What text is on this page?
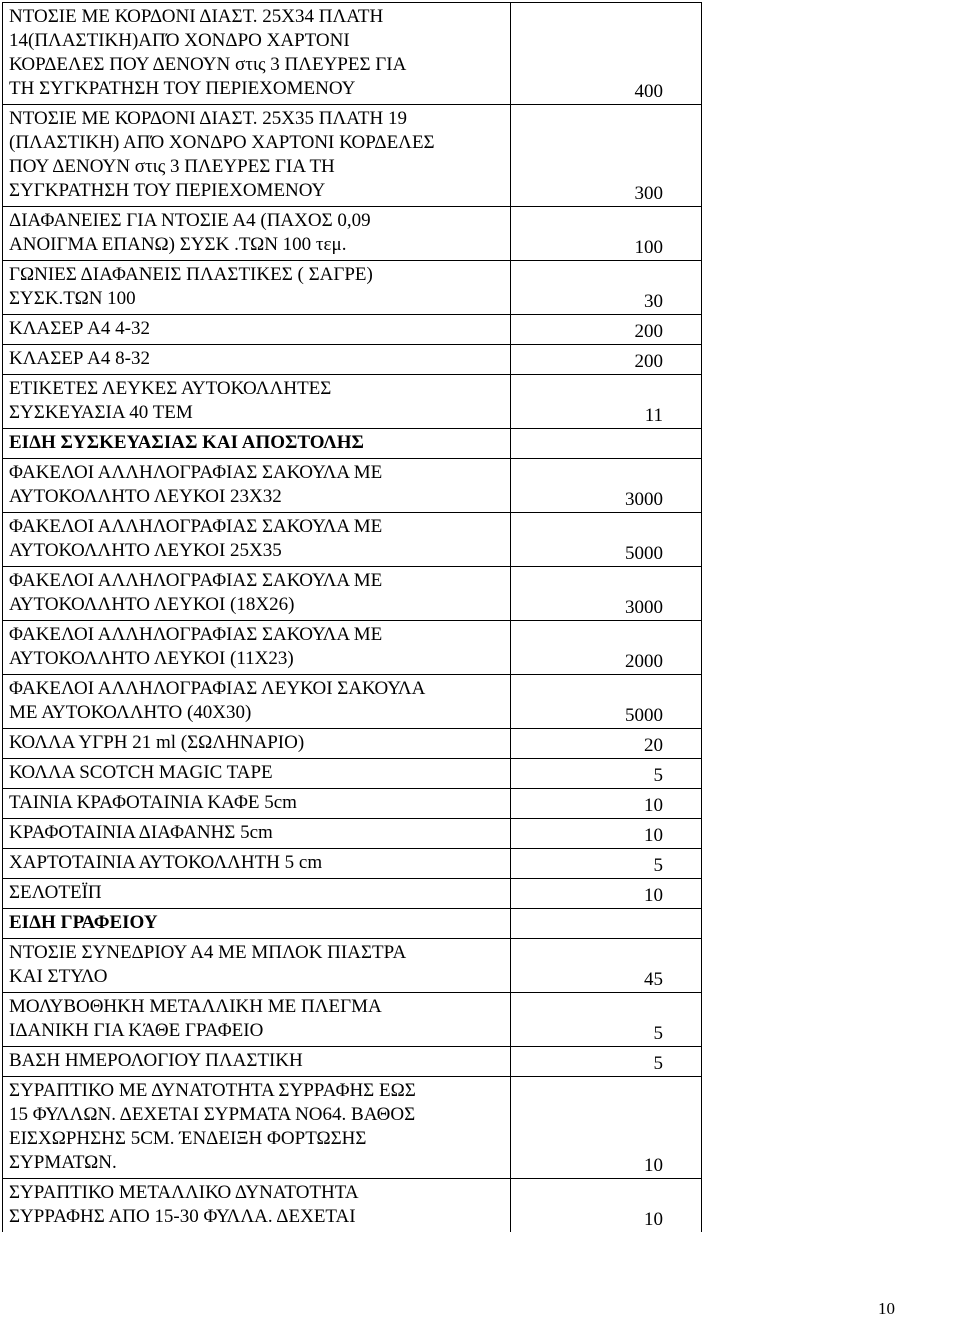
ΝΤΟΣΙΕ ΜΕ ΚΟΡΔΟΝΙ ΔΙΑΣΤ. 25Χ34 ΠΛΑΤΗ
14(ΠΛΑΣΤΙΚΗ)ΑΠΌ ΧΟΝΔΡΟ ΧΑΡΤΟΝΙ
ΚΟΡΔΕΛΕΣ ΠΟΥ ΔΕΝΟΥΝ στις 3 ΠΛΕΥΡΕΣ ΓΙΑ
ΤΗ ΣΥΓΚΡΑΤΗΣΗ ΤΟΥ ΠΕΡΙΕΧΟΜΕΝΟΥ	400
ΝΤΟΣΙΕ ΜΕ ΚΟΡΔΟΝΙ ΔΙΑΣΤ. 25Χ35 ΠΛΑΤΗ 19
(ΠΛΑΣΤΙΚΗ) ΑΠΌ ΧΟΝΔΡΟ ΧΑΡΤΟΝΙ ΚΟΡΔΕΛΕΣ
ΠΟΥ ΔΕΝΟΥΝ στις 3 ΠΛΕΥΡΕΣ ΓΙΑ ΤΗ
ΣΥΓΚΡΑΤΗΣΗ ΤΟΥ ΠΕΡΙΕΧΟΜΕΝΟΥ	300
ΔΙΑΦΑΝΕΙΕΣ ΓΙΑ ΝΤΟΣΙΕ Α4 (ΠΑΧΟΣ 0,09
ΑΝΟΙΓΜΑ ΕΠΑΝΩ) ΣΥΣΚ .ΤΩΝ 100 τεμ.	100
ΓΩΝΙΕΣ ΔΙΑΦΑΝΕΙΣ ΠΛΑΣΤΙΚΕΣ ( ΣΑΓΡΕ)
ΣΥΣΚ.ΤΩΝ 100	30
ΚΛΑΣΕΡ Α4 4-32	200
ΚΛΑΣΕΡ Α4 8-32	200
ΕΤΙΚΕΤΕΣ ΛΕΥΚΕΣ ΑΥΤΟΚΟΛΛΗΤΕΣ
ΣΥΣΚΕΥΑΣΙΑ 40 ΤΕΜ	11
ΕΙΔΗ ΣΥΣΚΕΥΑΣΙΑΣ ΚΑΙ ΑΠΟΣΤΟΛΗΣ	
ΦΑΚΕΛΟΙ ΑΛΛΗΛΟΓΡΑΦΙΑΣ ΣΑΚΟΥΛΑ ΜΕ
ΑΥΤΟΚΟΛΛΗΤΟ ΛΕΥΚΟΙ 23Χ32	3000
ΦΑΚΕΛΟΙ ΑΛΛΗΛΟΓΡΑΦΙΑΣ ΣΑΚΟΥΛΑ ΜΕ
ΑΥΤΟΚΟΛΛΗΤΟ ΛΕΥΚΟΙ 25Χ35	5000
ΦΑΚΕΛΟΙ ΑΛΛΗΛΟΓΡΑΦΙΑΣ ΣΑΚΟΥΛΑ ΜΕ
ΑΥΤΟΚΟΛΛΗΤΟ ΛΕΥΚΟΙ (18Χ26)	3000
ΦΑΚΕΛΟΙ ΑΛΛΗΛΟΓΡΑΦΙΑΣ ΣΑΚΟΥΛΑ ΜΕ
ΑΥΤΟΚΟΛΛΗΤΟ ΛΕΥΚΟΙ (11Χ23)	2000
ΦΑΚΕΛΟΙ ΑΛΛΗΛΟΓΡΑΦΙΑΣ ΛΕΥΚΟΙ ΣΑΚΟΥΛΑ
ΜΕ ΑΥΤΟΚΟΛΛΗΤΟ (40Χ30)	5000
ΚΟΛΛΑ ΥΓΡΗ 21 ml (ΣΩΛΗΝΑΡΙΟ)	20
ΚΟΛΛΑ SCOTCH MAGIC TAPE	5
ΤΑΙΝΙΑ ΚΡΑΦΟΤΑΙΝΙΑ ΚΑΦΕ 5cm	10
ΚΡΑΦΟΤΑΙΝΙΑ ΔΙΑΦΑΝΗΣ 5cm	10
ΧΑΡΤΟΤΑΙΝΙΑ ΑΥΤΟΚΟΛΛΗΤΗ 5 cm	5
ΣΕΛΟΤΕΪΠ	10
ΕΙΔΗ ΓΡΑΦΕΙΟΥ	
ΝΤΟΣΙΕ ΣΥΝΕΔΡΙΟΥ Α4 ΜΕ ΜΠΛΟΚ ΠΙΑΣΤΡΑ
ΚΑΙ ΣΤΥΛΟ	45
ΜΟΛΥΒΟΘΗΚΗ ΜΕΤΑΛΛΙΚΗ ΜΕ ΠΛΕΓΜΑ
ΙΔΑΝΙΚΗ ΓΙΑ ΚΆΘΕ ΓΡΑΦΕΙΟ	5
ΒΑΣΗ ΗΜΕΡΟΛΟΓΙΟΥ ΠΛΑΣΤΙΚΗ	5
ΣΥΡΑΠΤΙΚΟ ΜΕ ΔΥΝΑΤΟΤΗΤΑ ΣΥΡΡΑΦΗΣ ΕΩΣ
15 ΦΥΛΛΩΝ. ΔΕΧΕΤΑΙ ΣΥΡΜΑΤΑ ΝΟ64. ΒΑΘΟΣ
ΕΙΣΧΩΡΗΣΗΣ 5CM. ΈΝΔΕΙΞΗ ΦΟΡΤΩΣΗΣ
ΣΥΡΜΑΤΩΝ.	10
ΣΥΡΑΠΤΙΚΟ ΜΕΤΑΛΛΙΚΟ ΔΥΝΑΤΟΤΗΤΑ
ΣΥΡΡΑΦΗΣ ΑΠΟ 15-30 ΦΥΛΛΑ. ΔΕΧΕΤΑΙ	10
10
